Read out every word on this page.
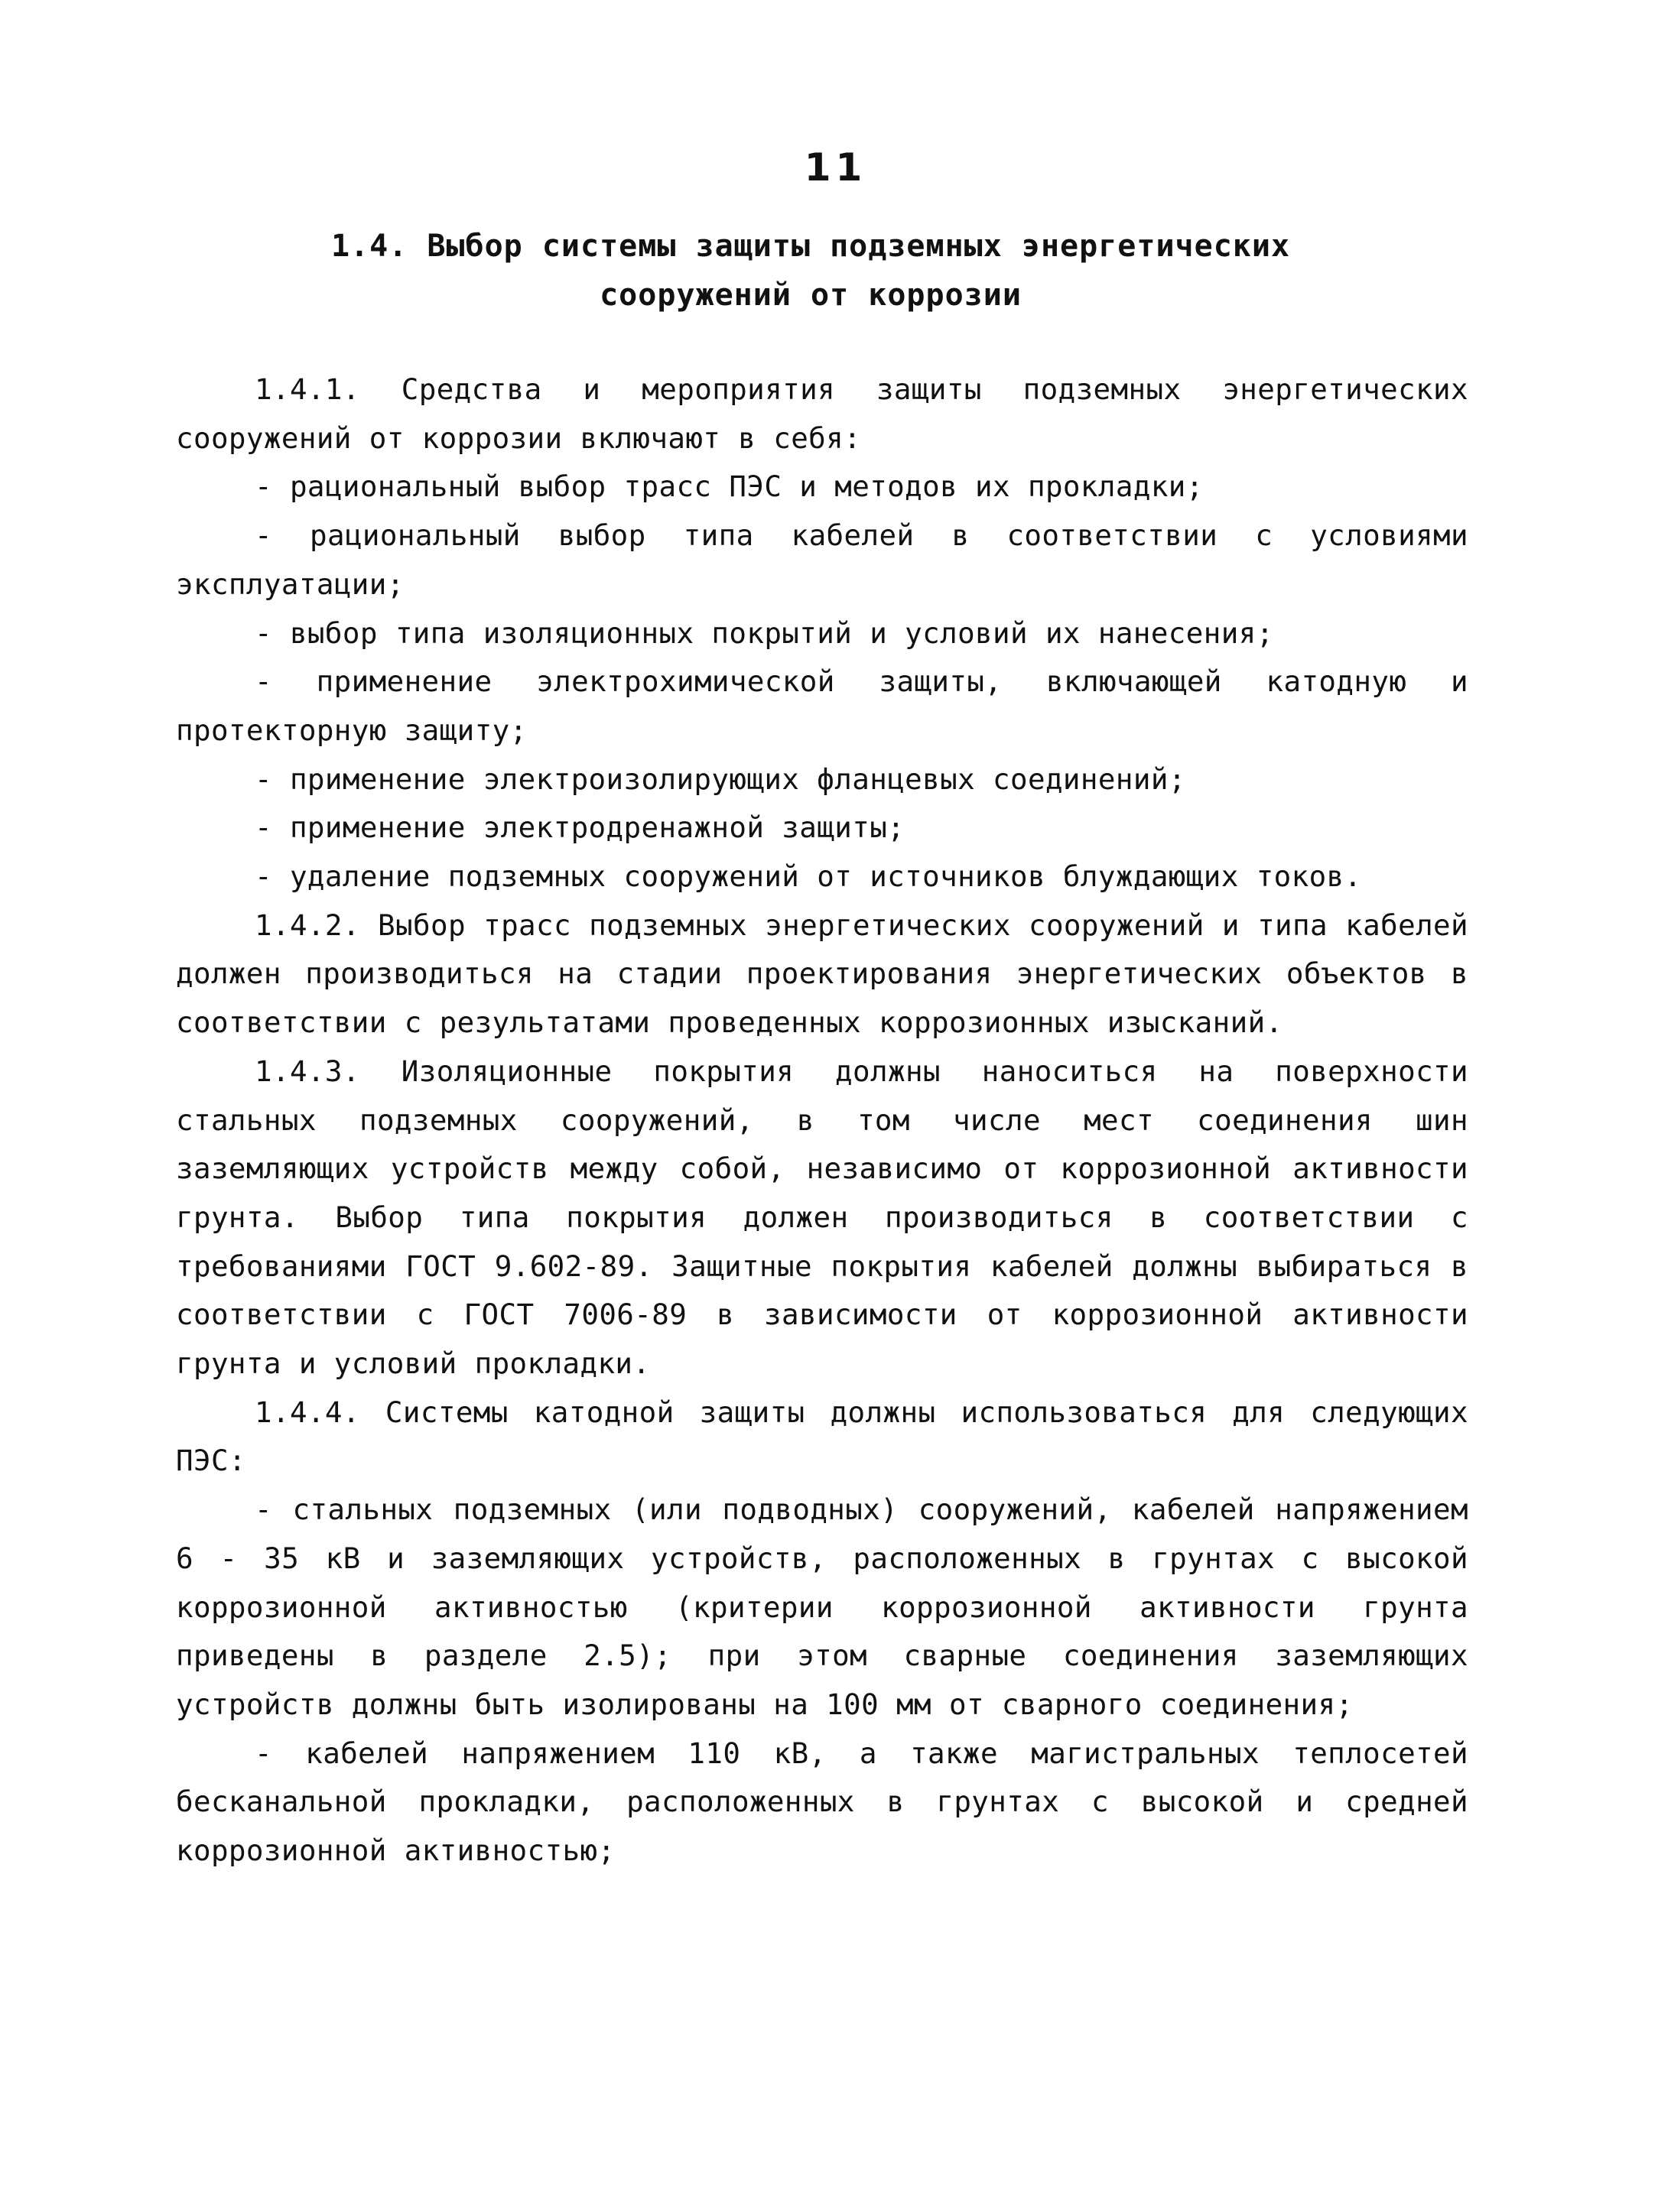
11
1.4. Выбор системы защиты подземных энергетических
сооружений от коррозии

1.4.1. Средства и мероприятия защиты подземных энергетических сооружений от коррозии включают в себя:

- рациональный выбор трасс ПЭС и методов их прокладки;

- рациональный выбор типа кабелей в соответствии с условиями эксплуатации;

- выбор типа изоляционных покрытий и условий их нанесения;

- применение электрохимической защиты, включающей катодную и протекторную защиту;

- применение электроизолирующих фланцевых соединений;

- применение электродренажной защиты;

- удаление подземных сооружений от источников блуждающих токов.

1.4.2. Выбор трасс подземных энергетических сооружений и типа кабелей должен производиться на стадии проектирования энергетических объектов в соответствии с результатами проведенных коррозионных изысканий.

1.4.3. Изоляционные покрытия должны наноситься на поверхности стальных подземных сооружений, в том числе мест соединения шин заземляющих устройств между собой, независимо от коррозионной активности грунта. Выбор типа покрытия должен производиться в соответствии с требованиями ГОСТ 9.602-89. Защитные покрытия кабелей должны выбираться в соответствии с ГОСТ 7006-89 в зависимости от коррозионной активности грунта и условий прокладки.

1.4.4. Системы катодной защиты должны использоваться для следующих ПЭС:

- стальных подземных (или подводных) сооружений, кабелей напряжением 6 - 35 кВ и заземляющих устройств, расположенных в грунтах с высокой коррозионной активностью (критерии коррозионной активности грунта приведены в разделе 2.5); при этом сварные соединения заземляющих устройств должны быть изолированы на 100 мм от сварного соединения;

- кабелей напряжением 110 кВ, а также магистральных теплосетей бесканальной прокладки, расположенных в грунтах с высокой и средней коррозионной активностью;
